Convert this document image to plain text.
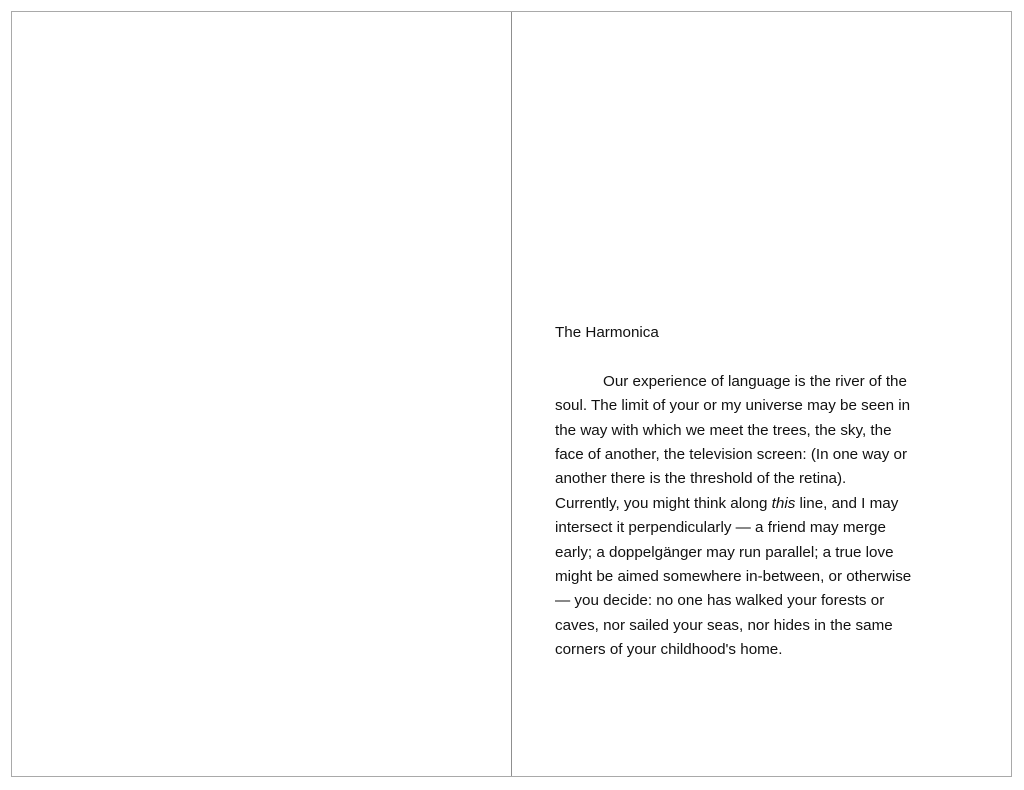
The Harmonica

Our experience of language is the river of the
soul. The limit of your or my universe may be seen in
the way with which we meet the trees, the sky, the
face of another, the television screen: (In one way or
another there is the threshold of the retina).
Currently, you might think along this line, and I may
intersect it perpendicularly — a friend may merge
early; a doppelgänger may run parallel; a true love
might be aimed somewhere in-between, or otherwise
— you decide: no one has walked your forests or
caves, nor sailed your seas, nor hides in the same
corners of your childhood's home.
